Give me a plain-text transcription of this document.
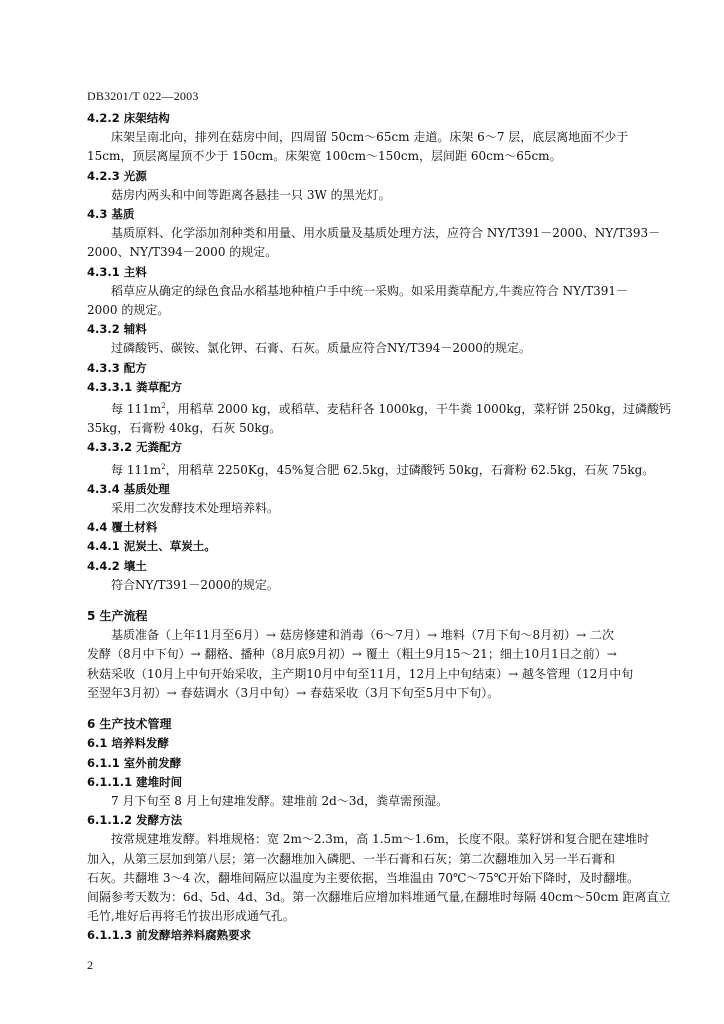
DB3201/T 022—2003
4.2.2 床架结构
床架呈南北向，排列在菇房中间，四周留 50cm～65cm 走道。床架 6～7 层，底层离地面不少于
15cm，顶层离屋顶不少于 150cm。床架宽 100cm～150cm，层间距 60cm～65cm。
4.2.3 光源
菇房内两头和中间等距离各悬挂一只 3W 的黑光灯。
4.3 基质
基质原料、化学添加剂种类和用量、用水质量及基质处理方法，应符合 NY/T391－2000、NY/T393－
2000、NY/T394－2000 的规定。
4.3.1 主料
稻草应从确定的绿色食品水稻基地种植户手中统一采购。如采用粪草配方,牛粪应符合 NY/T391－
2000 的规定。
4.3.2 辅料
过磷酸钙、碳铵、氯化钾、石膏、石灰。质量应符合NY/T394－2000的规定。
4.3.3 配方
4.3.3.1 粪草配方
每 $111m^2$，用稻草 2000 kg，或稻草、麦秸秆各 1000kg，干牛粪 1000kg，菜籽饼 250kg，过磷酸钙
35kg，石膏粉 40kg，石灰 50kg。
4.3.3.2 无粪配方
每 $111m^2$，用稻草 2250Kg，45%复合肥 62.5kg，过磷酸钙 50kg，石膏粉 62.5kg，石灰 75kg。
4.3.4 基质处理
采用二次发酵技术处理培养料。
4.4 覆土材料
4.4.1 泥炭土、草炭土。
4.4.2 壤土
符合NY/T391－2000的规定。
5 生产流程
基质准备（上年11月至6月）→ 菇房修建和消毒（6～7月）→ 堆料（7月下旬～8月初）→ 二次
发酵（8月中下旬）→ 翻格、播种（8月底9月初）→ 覆土（粗土9月15～21；细土10月1日之前）→
秋菇采收（10月上中旬开始采收，主产期10月中旬至11月，12月上中旬结束）→ 越冬管理（12月中旬
至翌年3月初）→ 春菇调水（3月中旬）→ 春菇采收（3月下旬至5月中下旬）。
6 生产技术管理
6.1 培养料发酵
6.1.1 室外前发酵
6.1.1.1 建堆时间
7 月下旬至 8 月上旬建堆发酵。建堆前 2d～3d，粪草需预湿。
6.1.1.2 发酵方法
按常规建堆发酵。料堆规格：宽 2m～2.3m，高 1.5m～1.6m，长度不限。菜籽饼和复合肥在建堆时
加入，从第三层加到第八层；第一次翻堆加入磷肥、一半石膏和石灰；第二次翻堆加入另一半石膏和
石灰。共翻堆 3～4 次，翻堆间隔应以温度为主要依据，当堆温由 70℃～75℃开始下降时，及时翻堆。
间隔参考天数为：6d、5d、4d、3d。第一次翻堆后应增加料堆通气量,在翻堆时每隔 40cm～50cm 距离直立
毛竹,堆好后再将毛竹拔出形成通气孔。
6.1.1.3 前发酵培养料腐熟要求
2
